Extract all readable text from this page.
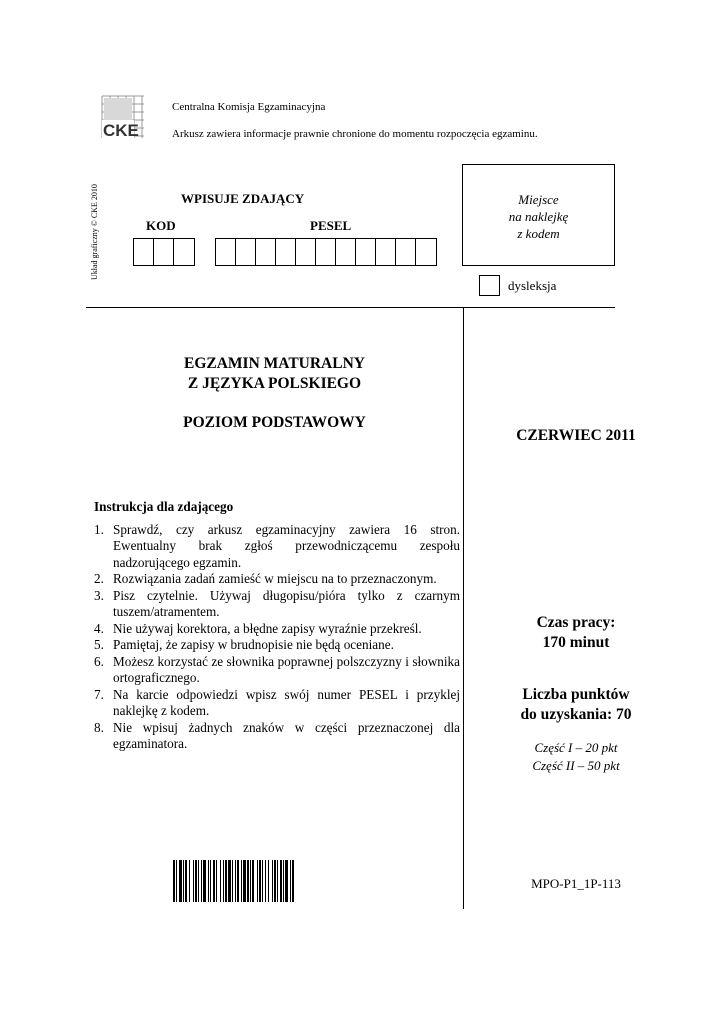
CKE
Centralna Komisja Egzaminacyjna
Arkusz zawiera informacje prawnie chronione do momentu rozpoczęcia egzaminu.
Układ graficzny © CKE 2010	WPISUJE ZDAJĄCY
KOD	PESEL
Miejsce
na naklejkę
z kodem
dysleksja
EGZAMIN MATURALNY
Z JĘZYKA POLSKIEGO
POZIOM PODSTAWOWY
CZERWIEC 2011
Instrukcja dla zdającego
1. Sprawdź, czy arkusz egzaminacyjny zawiera 16 stron. Ewentualny brak zgłoś przewodniczącemu zespołu nadzorującego egzamin.
2. Rozwiązania zadań zamieść w miejscu na to przeznaczonym.
3. Pisz czytelnie. Używaj długopisu/pióra tylko z czarnym tuszem/atramentem.
4. Nie używaj korektora, a błędne zapisy wyraźnie przekreśl.
5. Pamiętaj, że zapisy w brudnopisie nie będą oceniane.
6. Możesz korzystać ze słownika poprawnej polszczyzny i słownika ortograficznego.
7. Na karcie odpowiedzi wpisz swój numer PESEL i przyklej naklejkę z kodem.
8. Nie wpisuj żadnych znaków w części przeznaczonej dla egzaminatora.
Czas pracy:
170 minut
Liczba punktów
do uzyskania: 70
Część I – 20 pkt
Część II – 50 pkt
MPO-P1_1P-113
